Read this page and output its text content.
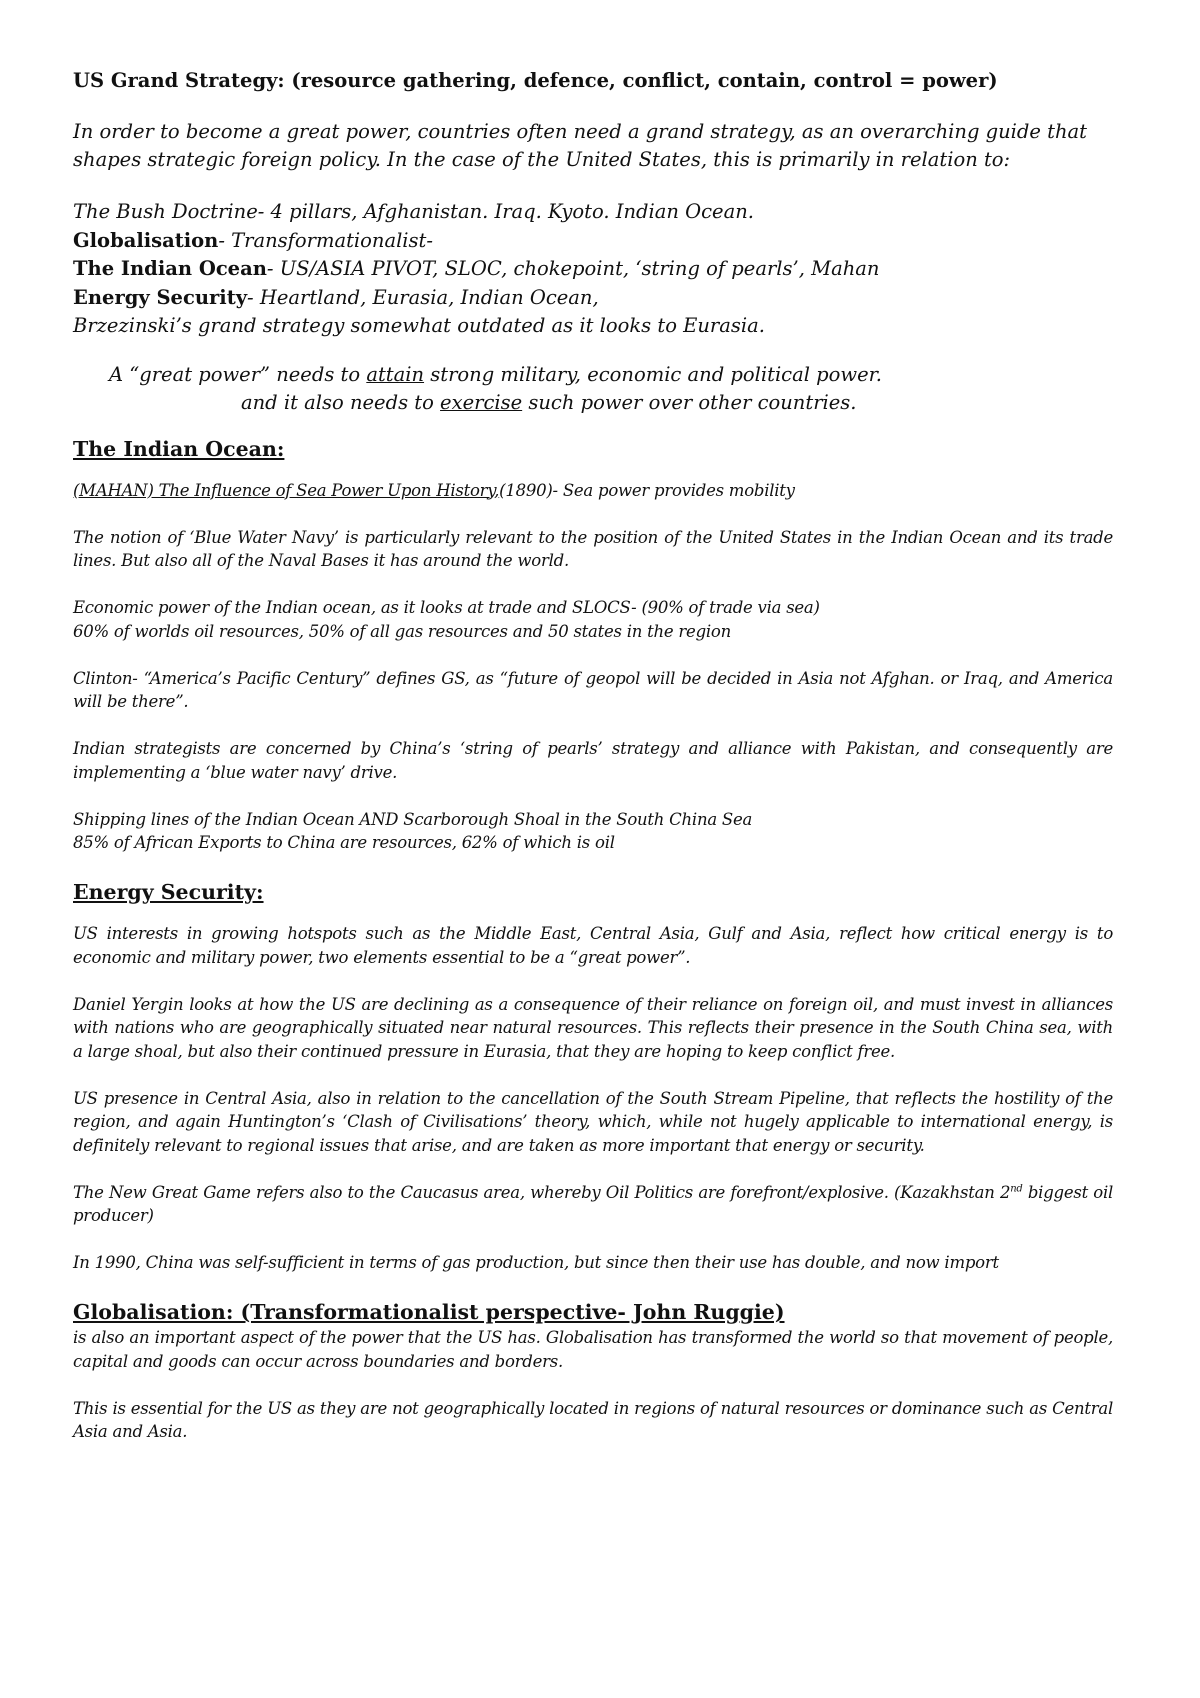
US Grand Strategy: (resource gathering, defence, conflict, contain, control = power)
In order to become a great power, countries often need a grand strategy, as an overarching guide that shapes strategic foreign policy. In the case of the United States, this is primarily in relation to:
The Bush Doctrine- 4 pillars, Afghanistan. Iraq. Kyoto. Indian Ocean.
Globalisation- Transformationalist-
The Indian Ocean- US/ASIA PIVOT, SLOC, chokepoint, ‘string of pearls’, Mahan
Energy Security- Heartland, Eurasia, Indian Ocean,
Brzezinski’s grand strategy somewhat outdated as it looks to Eurasia.
A “great power” needs to attain strong military, economic and political power.
and it also needs to exercise such power over other countries.
The Indian Ocean:
(MAHAN) The Influence of Sea Power Upon History,(1890)- Sea power provides mobility
The notion of ‘Blue Water Navy’ is particularly relevant to the position of the United States in the Indian Ocean and its trade lines. But also all of the Naval Bases it has around the world.
Economic power of the Indian ocean, as it looks at trade and SLOCS- (90% of trade via sea)
60% of worlds oil resources, 50% of all gas resources and 50 states in the region
Clinton- “America’s Pacific Century” defines GS, as “future of geopol will be decided in Asia not Afghan. or Iraq, and America will be there”.
Indian strategists are concerned by China’s ‘string of pearls’ strategy and alliance with Pakistan, and consequently are implementing a ‘blue water navy’ drive.
Shipping lines of the Indian Ocean AND Scarborough Shoal in the South China Sea
85% of African Exports to China are resources, 62% of which is oil
Energy Security:
US interests in growing hotspots such as the Middle East, Central Asia, Gulf and Asia, reflect how critical energy is to economic and military power, two elements essential to be a “great power”.
Daniel Yergin looks at how the US are declining as a consequence of their reliance on foreign oil, and must invest in alliances with nations who are geographically situated near natural resources. This reflects their presence in the South China sea, with a large shoal, but also their continued pressure in Eurasia, that they are hoping to keep conflict free.
US presence in Central Asia, also in relation to the cancellation of the South Stream Pipeline, that reflects the hostility of the region, and again Huntington’s ‘Clash of Civilisations’ theory, which, while not hugely applicable to international energy, is definitely relevant to regional issues that arise, and are taken as more important that energy or security.
The New Great Game refers also to the Caucasus area, whereby Oil Politics are forefront/explosive. (Kazakhstan 2nd biggest oil producer)
In 1990, China was self-sufficient in terms of gas production, but since then their use has double, and now import
Globalisation: (Transformationalist perspective- John Ruggie)
is also an important aspect of the power that the US has. Globalisation has transformed the world so that movement of people, capital and goods can occur across boundaries and borders.
This is essential for the US as they are not geographically located in regions of natural resources or dominance such as Central Asia and Asia.
